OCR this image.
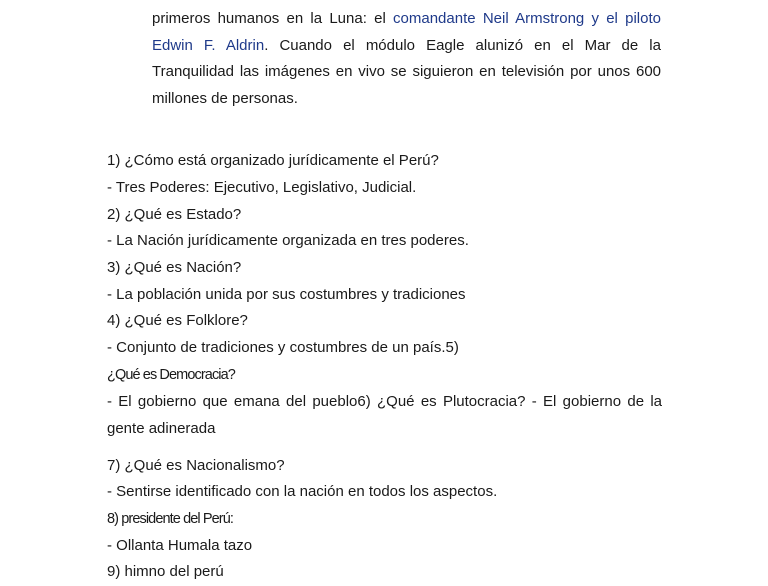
primeros humanos en la Luna: el comandante Neil Armstrong y el piloto Edwin F. Aldrin. Cuando el módulo Eagle alunizó en el Mar de la Tranquilidad las imágenes en vivo se siguieron en televisión por unos 600 millones de personas.

1) ¿Cómo está organizado jurídicamente el Perú?
- Tres Poderes: Ejecutivo, Legislativo, Judicial.
2) ¿Qué es Estado?
- La Nación jurídicamente organizada en tres poderes.
3) ¿Qué es Nación?
- La población unida por sus costumbres y tradiciones
4) ¿Qué es Folklore?
- Conjunto de tradiciones y costumbres de un país.5)
¿Qué es Democracia?
- El gobierno que emana del pueblo6) ¿Qué es Plutocracia? - El gobierno de la gente adinerada
7) ¿Qué es Nacionalismo?
- Sentirse identificado con la nación en todos los aspectos.
8) presidente del Perú:
- Ollanta Humala tazo
9) himno del perú
